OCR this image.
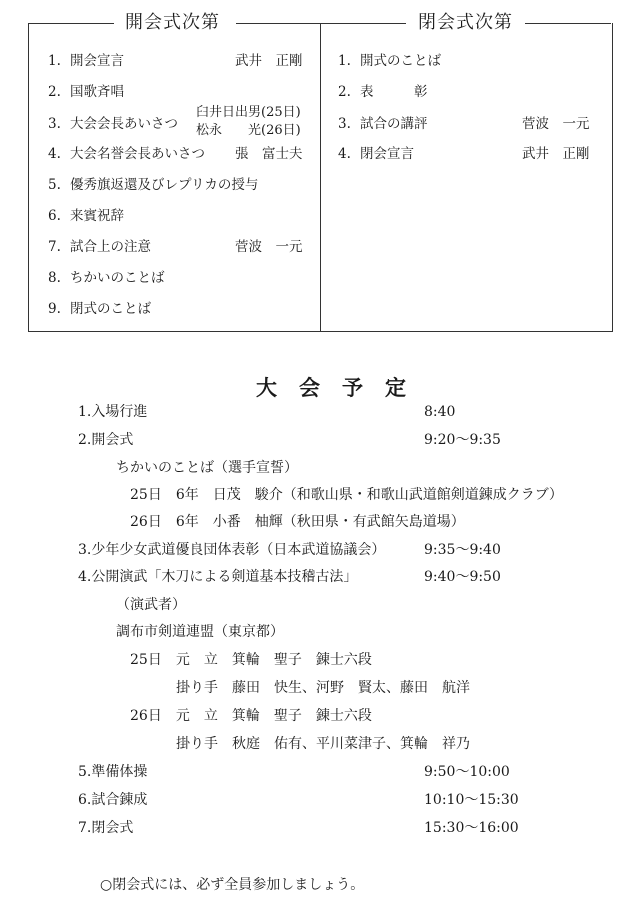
開会式次第	閉会式次第
1. 開会宣言	武井　正剛
2. 国歌斉唱
3. 大会会長あいさつ
臼井日出男(25日)
松永　　光(26日)
4. 大会名誉会長あいさつ 張　富士夫
5. 優秀旗返還及びレプリカの授与
6. 来賓祝辞
7. 試合上の注意	菅波　一元
8. ちかいのことば
9. 閉式のことば
1. 開式のことば
2. 表　　　彰
3. 試合の講評	菅波　一元
4. 閉会宣言	武井　正剛
大会予定
1.入場行進	8:40
2.開会式	9:20〜9:35
ちかいのことば（選手宣誓）
25日　6年　日茂　駿介（和歌山県・和歌山武道館剣道錬成クラブ）
26日　6年　小番　柚輝（秋田県・有武館矢島道場）
3.少年少女武道優良団体表彰（日本武道協議会）	9:35〜9:40
4.公開演武「木刀による剣道基本技稽古法」	9:40〜9:50
（演武者）
調布市剣道連盟（東京都）
25日　元　立　箕輪　聖子　錬士六段
掛り手　藤田　快生、河野　賢太、藤田　航洋
26日　元　立　箕輪　聖子　錬士六段
掛り手　秋庭　佑有、平川菜津子、箕輪　祥乃
5.準備体操	9:50〜10:00
6.試合錬成	10:10〜15:30
7.閉会式	15:30〜16:00
○閉会式には、必ず全員参加しましょう。
